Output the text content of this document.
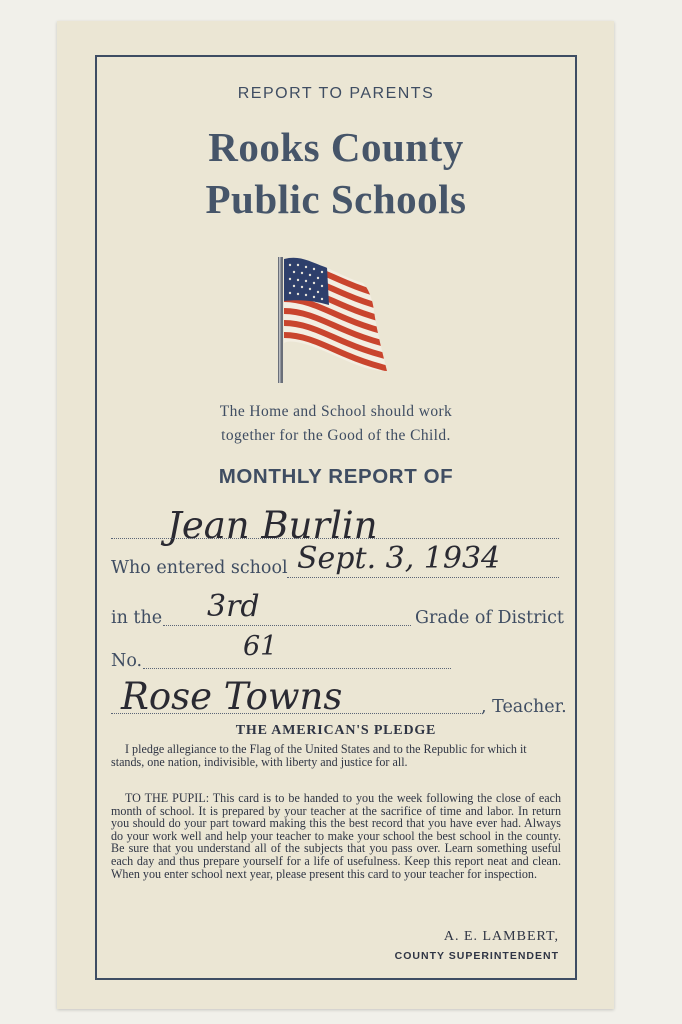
REPORT TO PARENTS
Rooks County
Public Schools
The Home and School should work
together for the Good of the Child.
MONTHLY REPORT OF
Jean Burlin
Who entered school Sept. 3, 1934
in the 3rd	Grade of District
No.	61
Rose Towns	, Teacher.
THE AMERICAN'S PLEDGE
I pledge allegiance to the Flag of the United States and to the Republic for which it stands, one nation, indivisible, with liberty and justice for all.
TO THE PUPIL: This card is to be handed to you the week following the close of each month of school. It is prepared by your teacher at the sacrifice of time and labor. In return you should do your part toward making this the best record that you have ever had. Always do your work well and help your teacher to make your school the best school in the county. Be sure that you understand all of the subjects that you pass over. Learn something useful each day and thus prepare yourself for a life of usefulness. Keep this report neat and clean. When you enter school next year, please present this card to your teacher for inspection.
A. E. LAMBERT,
COUNTY SUPERINTENDENT
